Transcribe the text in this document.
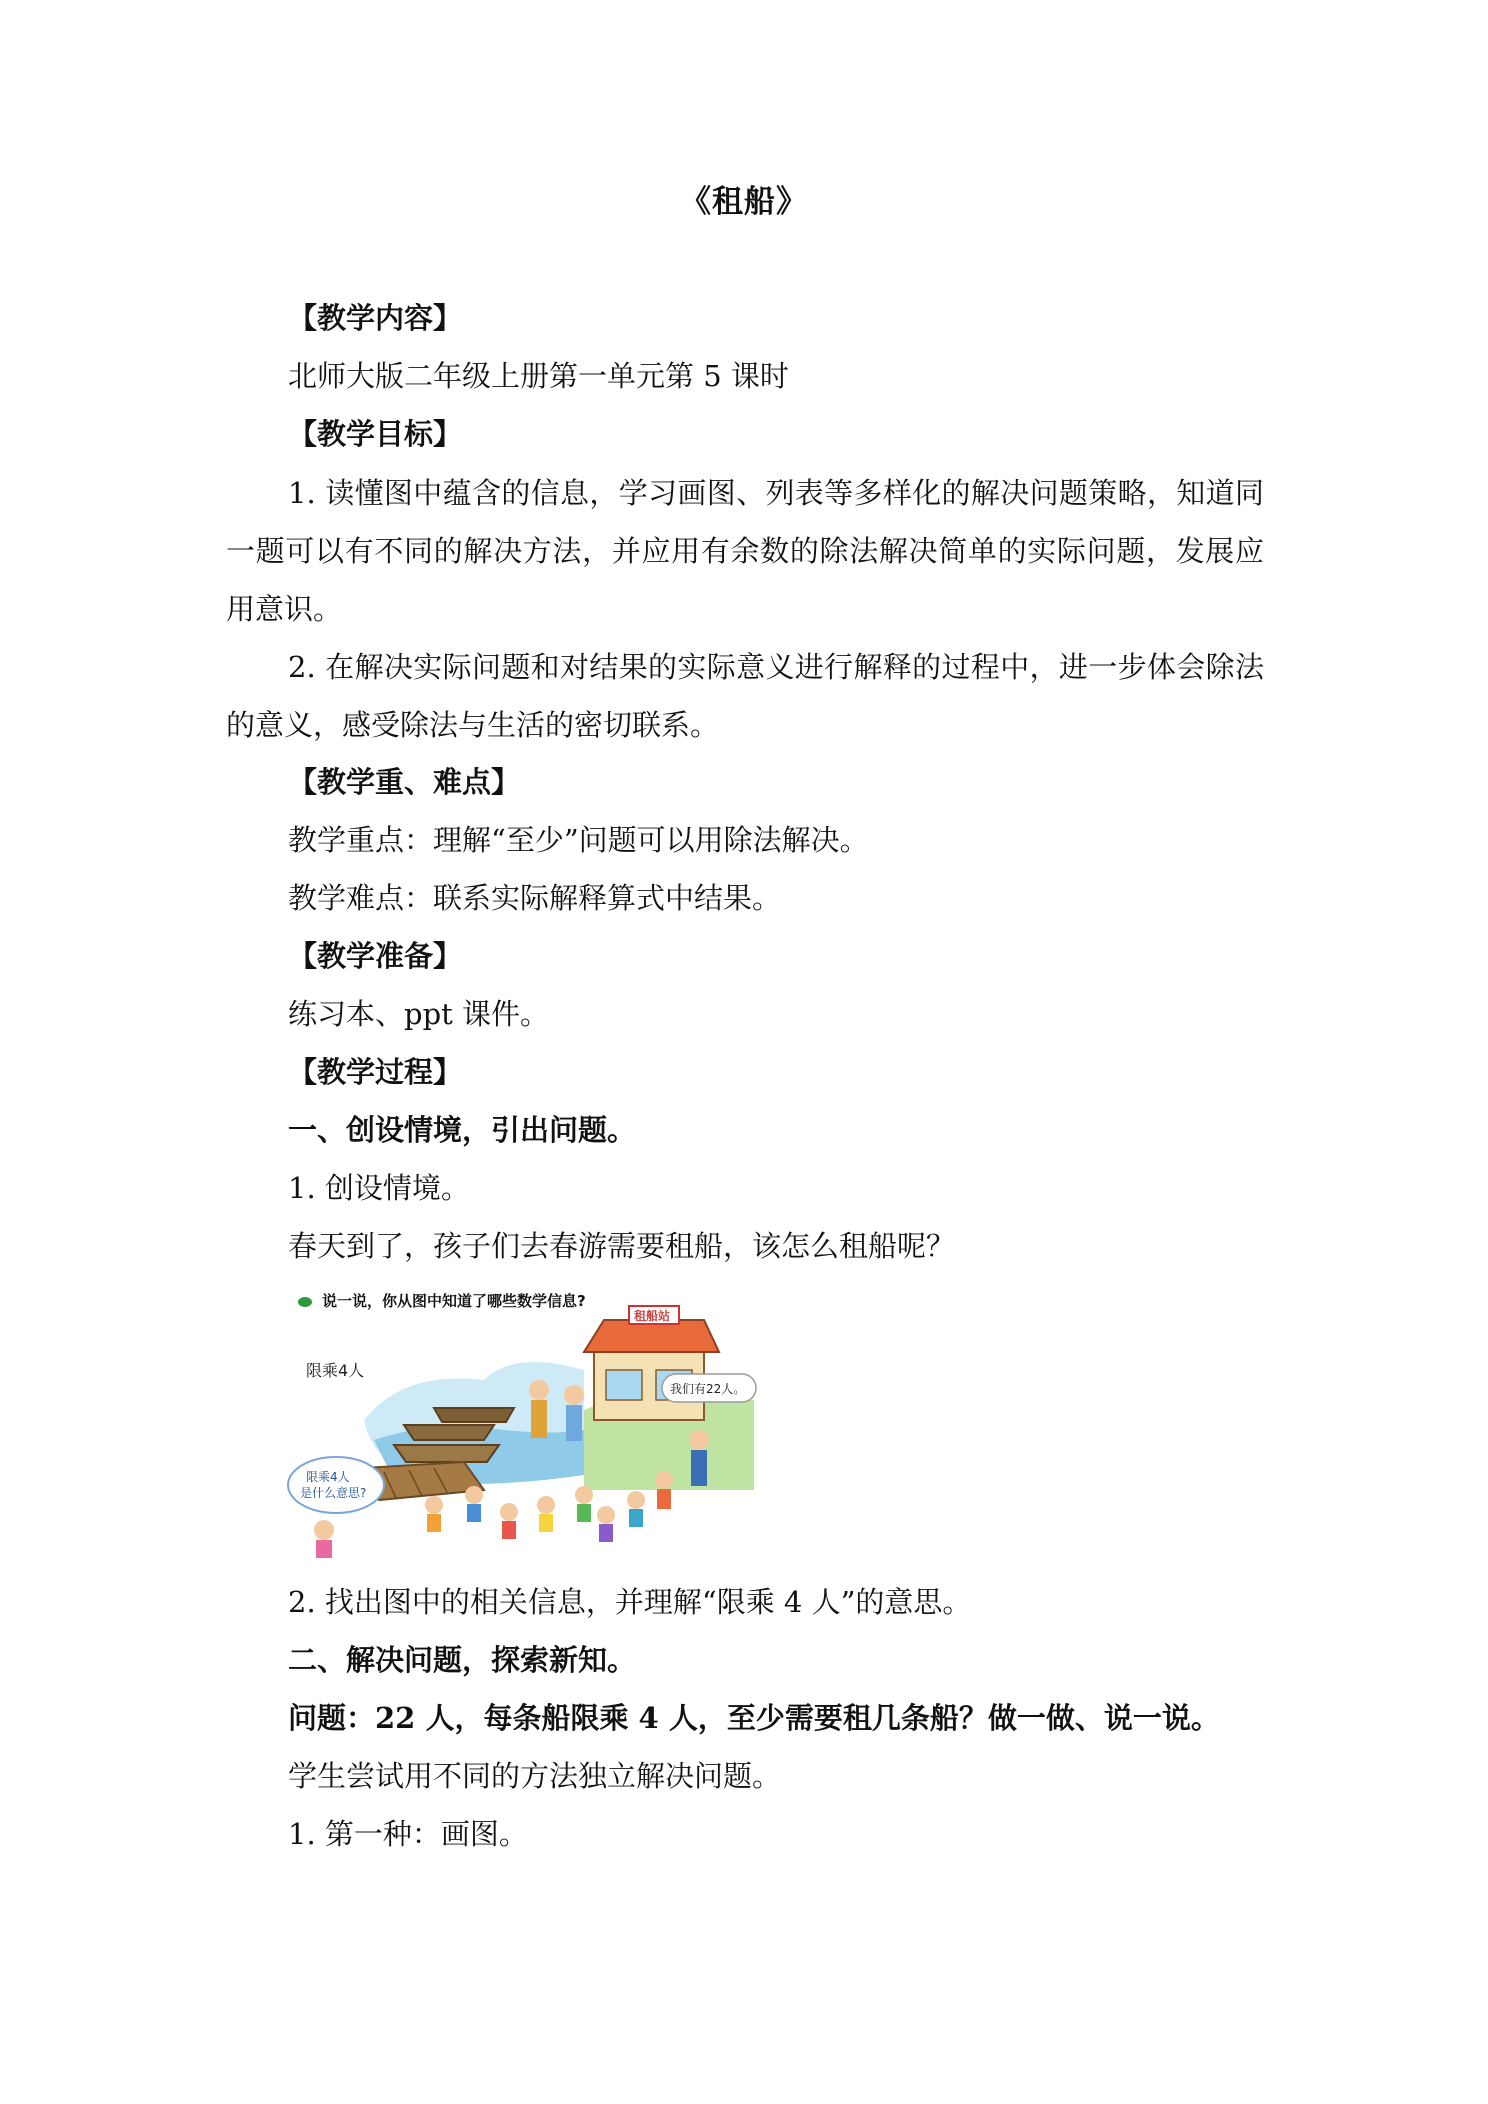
《租船》
【教学内容】
北师大版二年级上册第一单元第 5 课时
【教学目标】
1. 读懂图中蕴含的信息，学习画图、列表等多样化的解决问题策略，知道同一题可以有不同的解决方法，并应用有余数的除法解决简单的实际问题，发展应用意识。
2. 在解决实际问题和对结果的实际意义进行解释的过程中，进一步体会除法的意义，感受除法与生活的密切联系。
【教学重、难点】
教学重点：理解“至少”问题可以用除法解决。
教学难点：联系实际解释算式中结果。
【教学准备】
练习本、ppt 课件。
【教学过程】
一、创设情境，引出问题。
1. 创设情境。
春天到了，孩子们去春游需要租船，该怎么租船呢？
说一说，你从图中知道了哪些数学信息?
限乘4人
租船站
我们有22人。
限乘4人
是什么意思?
2. 找出图中的相关信息，并理解“限乘 4 人”的意思。
二、解决问题，探索新知。
问题：22 人，每条船限乘 4 人，至少需要租几条船？做一做、说一说。
学生尝试用不同的方法独立解决问题。
1. 第一种：画图。
